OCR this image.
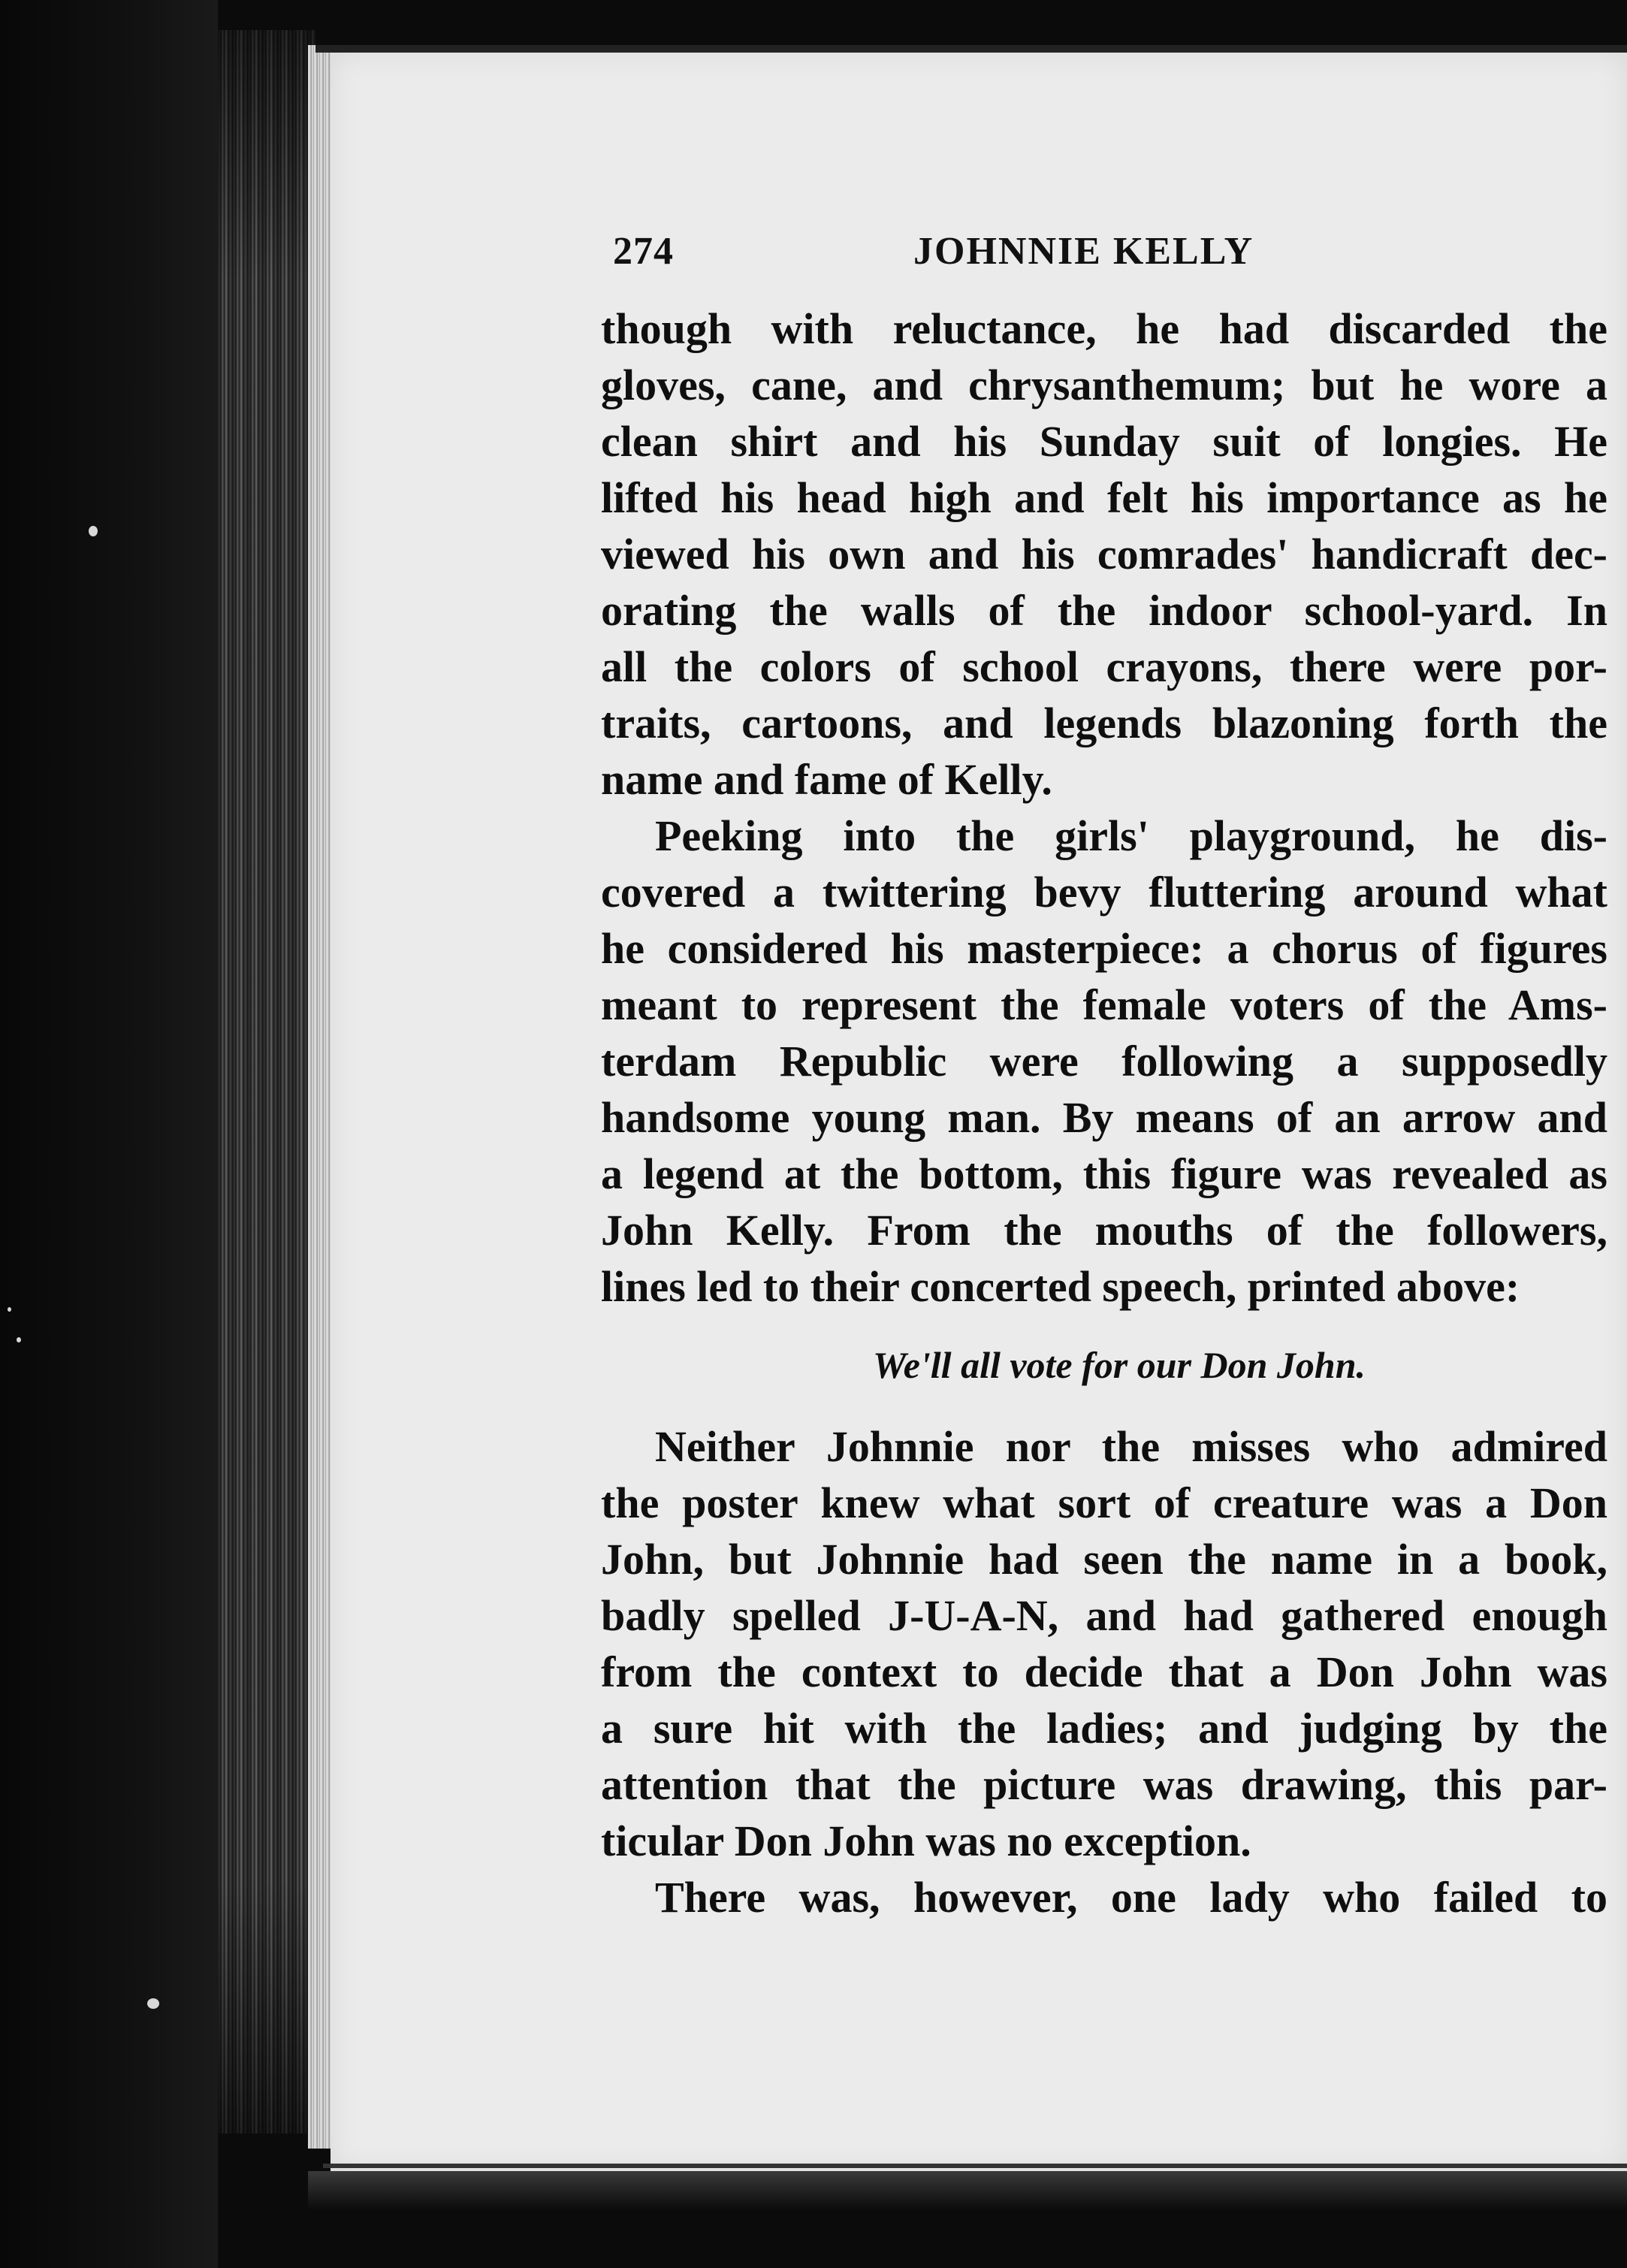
274	JOHNNIE KELLY
though with reluctance, he had discarded the
gloves, cane, and chrysanthemum; but he wore a
clean shirt and his Sunday suit of longies. He
lifted his head high and felt his importance as he
viewed his own and his comrades' handicraft dec-
orating the walls of the indoor school-yard. In
all the colors of school crayons, there were por-
traits, cartoons, and legends blazoning forth the
name and fame of Kelly.
Peeking into the girls' playground, he dis-
covered a twittering bevy fluttering around what
he considered his masterpiece: a chorus of figures
meant to represent the female voters of the Ams-
terdam Republic were following a supposedly
handsome young man. By means of an arrow and
a legend at the bottom, this figure was revealed as
John Kelly. From the mouths of the followers,
lines led to their concerted speech, printed above:
We'll all vote for our Don John.
Neither Johnnie nor the misses who admired
the poster knew what sort of creature was a Don
John, but Johnnie had seen the name in a book,
badly spelled J-U-A-N, and had gathered enough
from the context to decide that a Don John was
a sure hit with the ladies; and judging by the
attention that the picture was drawing, this par-
ticular Don John was no exception.
There was, however, one lady who failed to
